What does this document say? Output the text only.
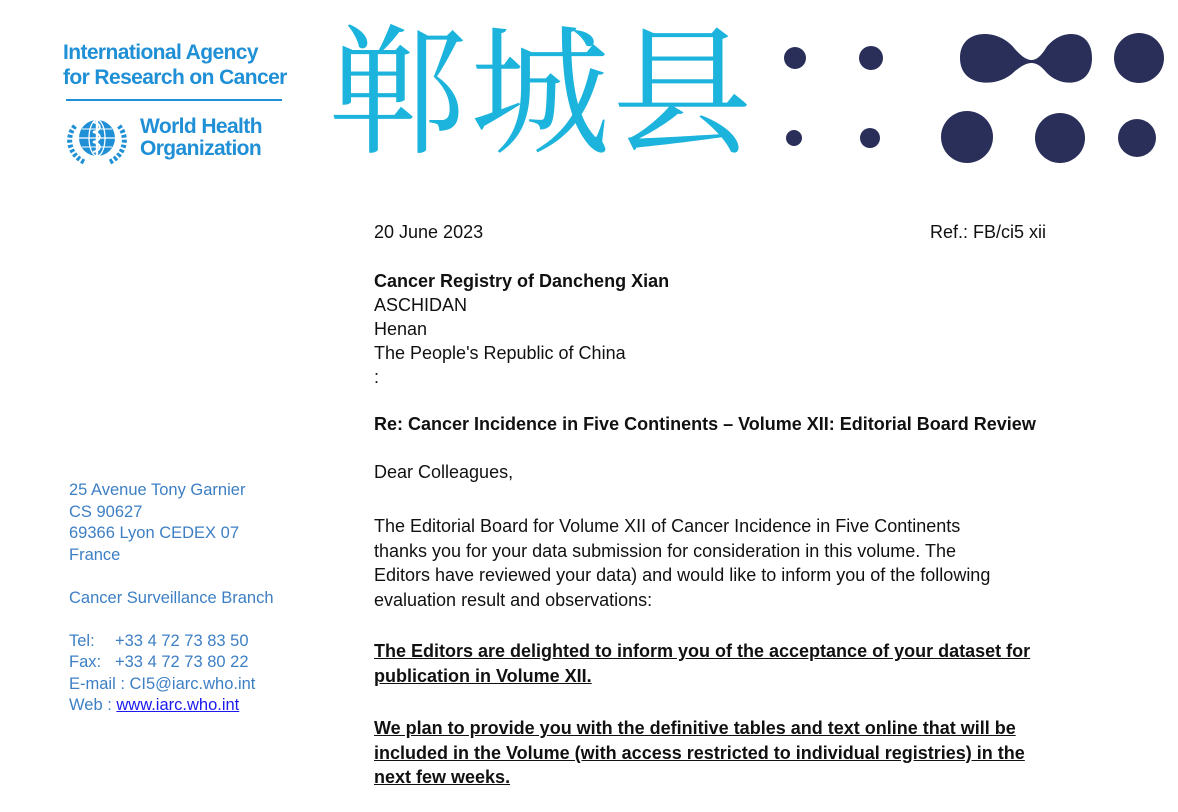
International Agency
for Research on Cancer
World Health
Organization 郸城县
20 June 2023	Ref.: FB/ci5 xii
Cancer Registry of Dancheng Xian
ASCHIDAN
Henan
The People's Republic of China
:
Re: Cancer Incidence in Five Continents – Volume XII: Editorial Board Review
Dear Colleagues,
The Editorial Board for Volume XII of Cancer Incidence in Five Continents
thanks you for your data submission for consideration in this volume. The
Editors have reviewed your data) and would like to inform you of the following
evaluation result and observations:
The Editors are delighted to inform you of the acceptance of your dataset for
publication in Volume XII.
We plan to provide you with the definitive tables and text online that will be
included in the Volume (with access restricted to individual registries) in the
next few weeks.
25 Avenue Tony Garnier
CS 90627
69366 Lyon CEDEX 07
France
Cancer Surveillance Branch
Tel: +33 4 72 73 83 50
Fax: +33 4 72 73 80 22
E-mail : CI5@iarc.who.int
Web : www.iarc.who.int
